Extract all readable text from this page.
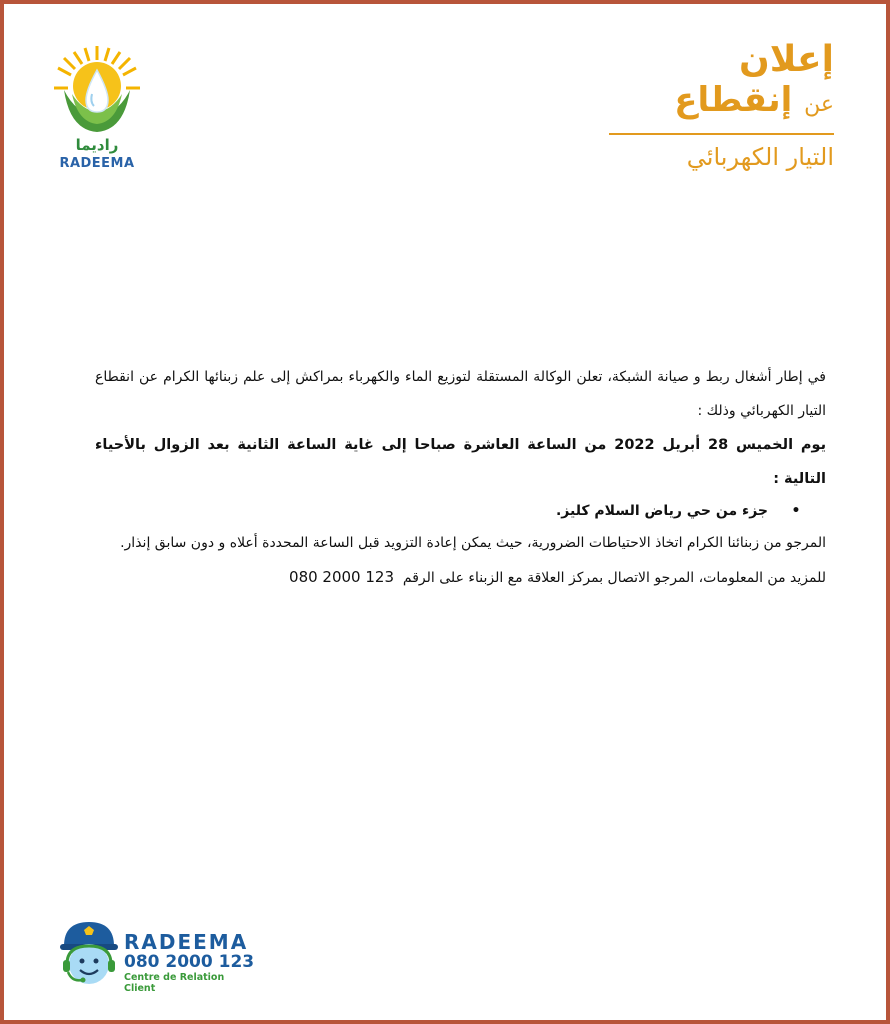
راديما
RADEEMA
إعلان
عن إنقطاع
التيار الكهربائي

في إطار أشغال ربط و صيانة الشبكة، تعلن الوكالة المستقلة لتوزيع الماء والكهرباء بمراكش إلى علم زبنائها الكرام عن انقطاع التيار الكهربائي وذلك :

يوم الخميس 28 أبريل 2022 من الساعة العاشرة صباحا إلى غاية الساعة الثانية بعد الزوال بالأحياء التالية :

•جزء من حي رياض السلام كليز.

المرجو من زبنائنا الكرام اتخاذ الاحتياطات الضرورية، حيث يمكن إعادة التزويد قبل الساعة المحددة أعلاه و دون سابق إنذار.

للمزيد من المعلومات، المرجو الاتصال بمركز العلاقة مع الزبناء على الرقم  080 2000 123

RADEEMA
080 2000 123
Centre de Relation Client
